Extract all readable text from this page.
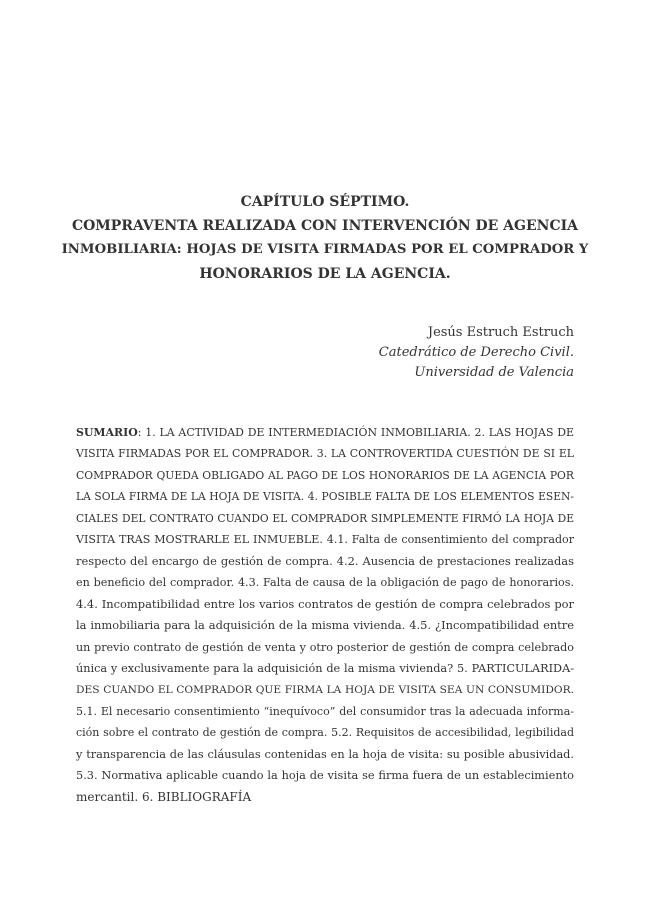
CAPÍTULO SÉPTIMO.
COMPRAVENTA REALIZADA CON INTERVENCIÓN DE AGENCIA
INMOBILIARIA: HOJAS DE VISITA FIRMADAS POR EL COMPRADOR Y
HONORARIOS DE LA AGENCIA.
Jesús Estruch Estruch
Catedrático de Derecho Civil.
Universidad de Valencia
SUMARIO: 1. LA ACTIVIDAD DE INTERMEDIACIÓN INMOBILIARIA. 2. LAS HOJAS DE
VISITA FIRMADAS POR EL COMPRADOR. 3. LA CONTROVERTIDA CUESTIÓN DE SI EL
COMPRADOR QUEDA OBLIGADO AL PAGO DE LOS HONORARIOS DE LA AGENCIA POR
LA SOLA FIRMA DE LA HOJA DE VISITA. 4. POSIBLE FALTA DE LOS ELEMENTOS ESEN-
CIALES DEL CONTRATO CUANDO EL COMPRADOR SIMPLEMENTE FIRMÓ LA HOJA DE
VISITA TRAS MOSTRARLE EL INMUEBLE. 4.1. Falta de consentimiento del comprador
respecto del encargo de gestión de compra. 4.2. Ausencia de prestaciones realizadas
en beneficio del comprador. 4.3. Falta de causa de la obligación de pago de honorarios.
4.4. Incompatibilidad entre los varios contratos de gestión de compra celebrados por
la inmobiliaria para la adquisición de la misma vivienda. 4.5. ¿Incompatibilidad entre
un previo contrato de gestión de venta y otro posterior de gestión de compra celebrado
única y exclusivamente para la adquisición de la misma vivienda? 5. PARTICULARIDA-
DES CUANDO EL COMPRADOR QUE FIRMA LA HOJA DE VISITA SEA UN CONSUMIDOR.
5.1. El necesario consentimiento “inequívoco” del consumidor tras la adecuada informa-
ción sobre el contrato de gestión de compra. 5.2. Requisitos de accesibilidad, legibilidad
y transparencia de las cláusulas contenidas en la hoja de visita: su posible abusividad.
5.3. Normativa aplicable cuando la hoja de visita se firma fuera de un establecimiento
mercantil. 6. BIBLIOGRAFÍA
